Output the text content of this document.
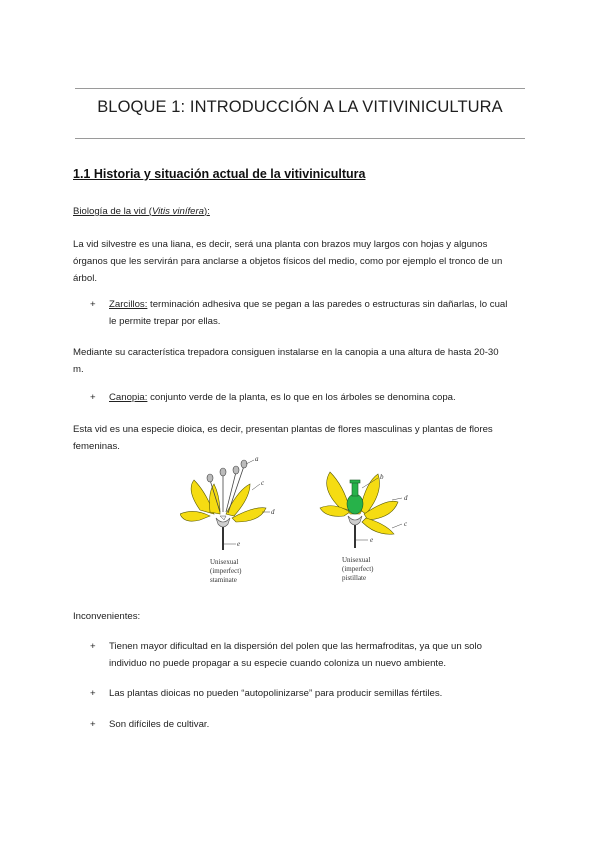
BLOQUE 1: INTRODUCCIÓN A LA VITIVINICULTURA
1.1 Historia y situación actual de la vitivinicultura
Biología de la vid (Vitis vinífera):
La vid silvestre es una liana, es decir, será una planta con brazos muy largos con hojas y algunos
órganos que les servirán para anclarse a objetos físicos del medio, como por ejemplo el tronco de un
árbol.
+ Zarcillos: terminación adhesiva que se pegan a las paredes o estructuras sin dañarlas, lo cual
le permite trepar por ellas.
Mediante su característica trepadora consiguen instalarse en la canopia a una altura de hasta 20-30
m.
+ Canopia: conjunto verde de la planta, es lo que en los árboles se denomina copa.
Esta vid es una especie dioica, es decir, presentan plantas de flores masculinas y plantas de flores
femeninas.
a
c
d
e
b
d
c
e
Unisexual
(imperfect)
staminate
Unisexual
(imperfect)
pistillate
Inconvenientes:
+ Tienen mayor dificultad en la dispersión del polen que las hermafroditas, ya que un solo
individuo no puede propagar a su especie cuando coloniza un nuevo ambiente.
+ Las plantas dioicas no pueden “autopolinizarse” para producir semillas fértiles.
+ Son difíciles de cultivar.
